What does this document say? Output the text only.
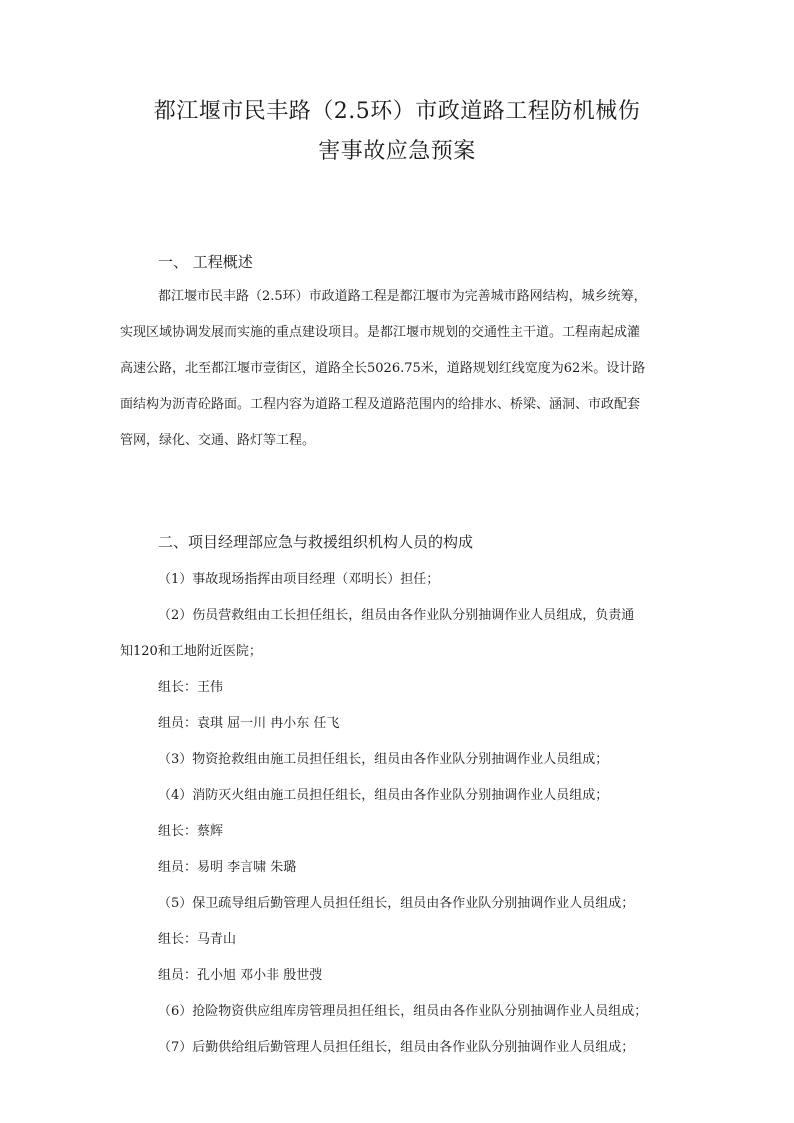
都江堰市民丰路（2.5环）市政道路工程防机械伤
害事故应急预案
一、 工程概述
都江堰市民丰路（2.5环）市政道路工程是都江堰市为完善城市路网结构，城乡统筹，
实现区域协调发展而实施的重点建设项目。是都江堰市规划的交通性主干道。工程南起成灌
高速公路，北至都江堰市壹街区，道路全长5026.75米，道路规划红线宽度为62米。设计路
面结构为沥青砼路面。工程内容为道路工程及道路范围内的给排水、桥梁、涵洞、市政配套
管网，绿化、交通、路灯等工程。
二、项目经理部应急与救援组织机构人员的构成
（1）事故现场指挥由项目经理（邓明长）担任；
（2）伤员营救组由工长担任组长，组员由各作业队分别抽调作业人员组成，负责通
知120和工地附近医院；
组长：王伟
组员：袁琪 屈一川 冉小东 任飞
（3）物资抢救组由施工员担任组长，组员由各作业队分别抽调作业人员组成；
（4）消防灭火组由施工员担任组长，组员由各作业队分别抽调作业人员组成；
组长：蔡辉
组员：易明 李言啸 朱璐
（5）保卫疏导组后勤管理人员担任组长，组员由各作业队分别抽调作业人员组成；
组长：马青山
组员：孔小旭 邓小非 殷世弢
（6）抢险物资供应组库房管理员担任组长，组员由各作业队分别抽调作业人员组成；
（7）后勤供给组后勤管理人员担任组长，组员由各作业队分别抽调作业人员组成；
